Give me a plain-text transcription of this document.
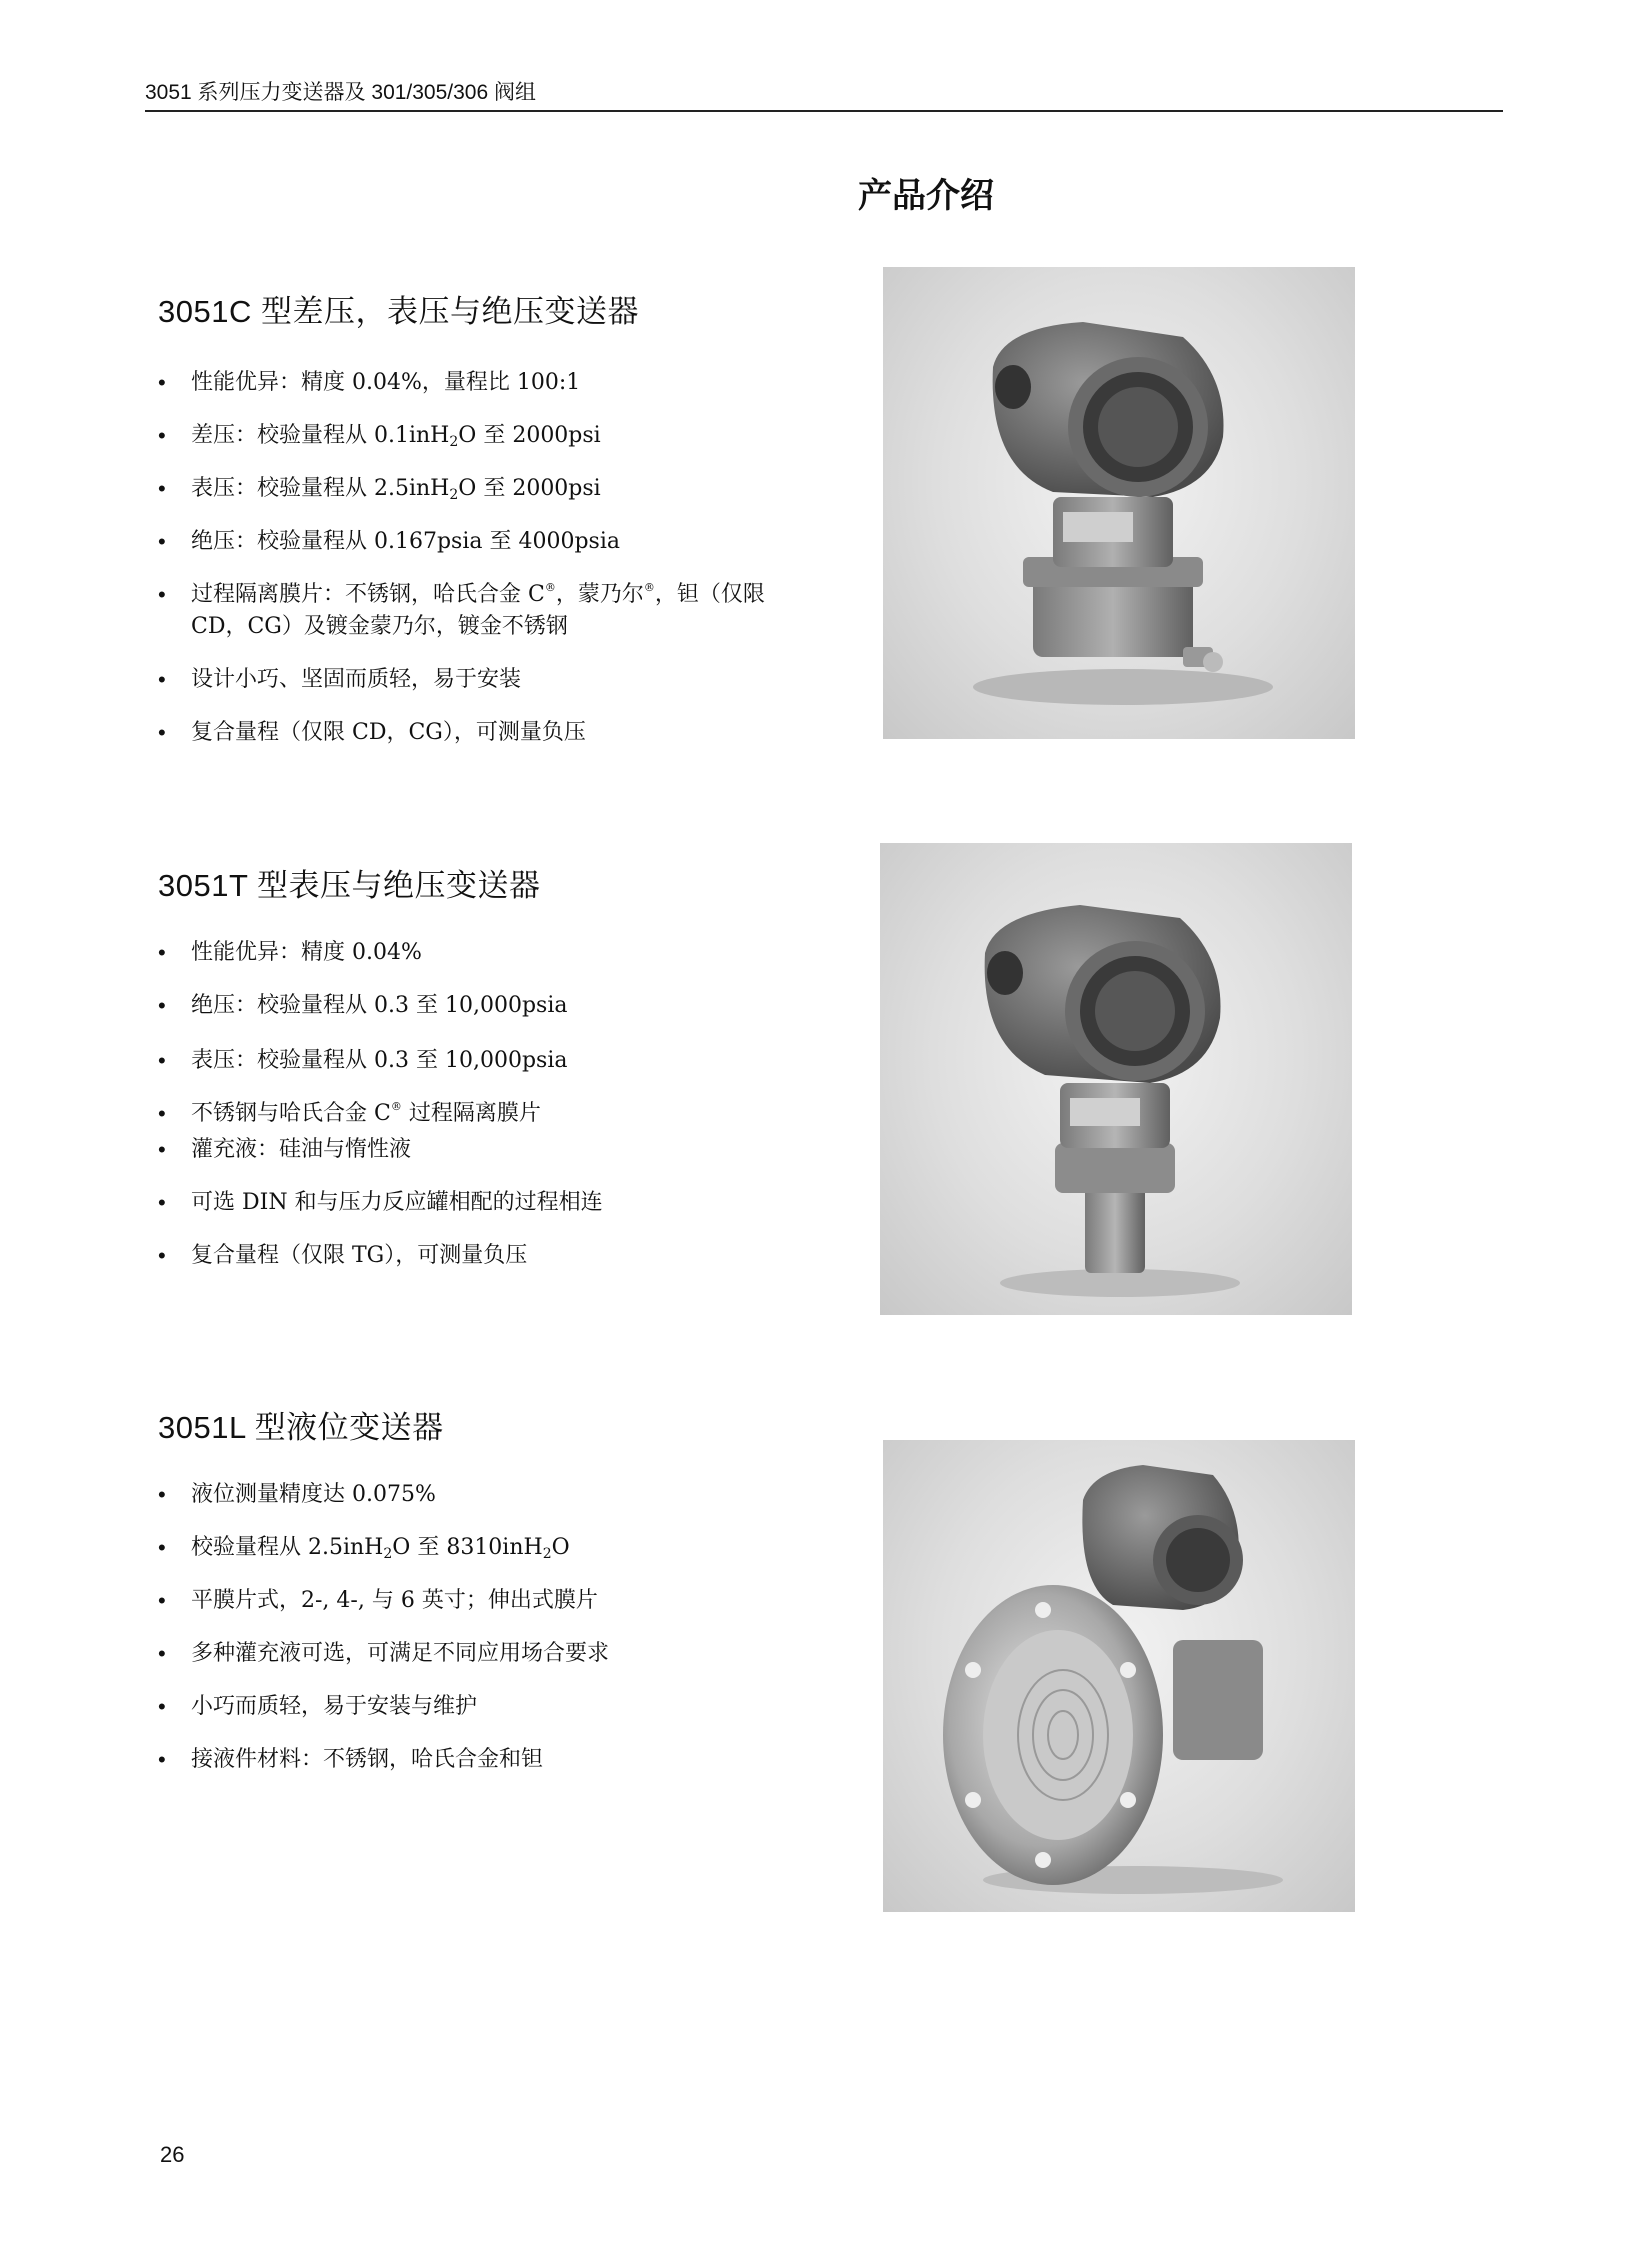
3051 系列压力变送器及 301/305/306 阀组
产品介绍
3051C 型差压，表压与绝压变送器
• 性能优异：精度 0.04%，量程比 100:1
• 差压：校验量程从 0.1inH$_2$O 至 2000psi
• 表压：校验量程从 2.5inH$_2$O 至 2000psi
• 绝压：校验量程从 0.167psia 至 4000psia
• 过程隔离膜片：不锈钢，哈氏合金 C®，蒙乃尔®，钽（仅限 CD，CG）及镀金蒙乃尔，镀金不锈钢
• 设计小巧、坚固而质轻，易于安装
• 复合量程（仅限 CD，CG），可测量负压
3051T 型表压与绝压变送器
• 性能优异：精度 0.04%
• 绝压：校验量程从 0.3 至 10,000psia
• 表压：校验量程从 0.3 至 10,000psia
• 不锈钢与哈氏合金 C® 过程隔离膜片
• 灌充液：硅油与惰性液
• 可选 DIN 和与压力反应罐相配的过程相连
• 复合量程（仅限 TG），可测量负压
3051L 型液位变送器
• 液位测量精度达 0.075%
• 校验量程从 2.5inH$_2$O 至 8310inH$_2$O
• 平膜片式，2-, 4-, 与 6 英寸；伸出式膜片
• 多种灌充液可选，可满足不同应用场合要求
• 小巧而质轻，易于安装与维护
• 接液件材料：不锈钢，哈氏合金和钽
26
